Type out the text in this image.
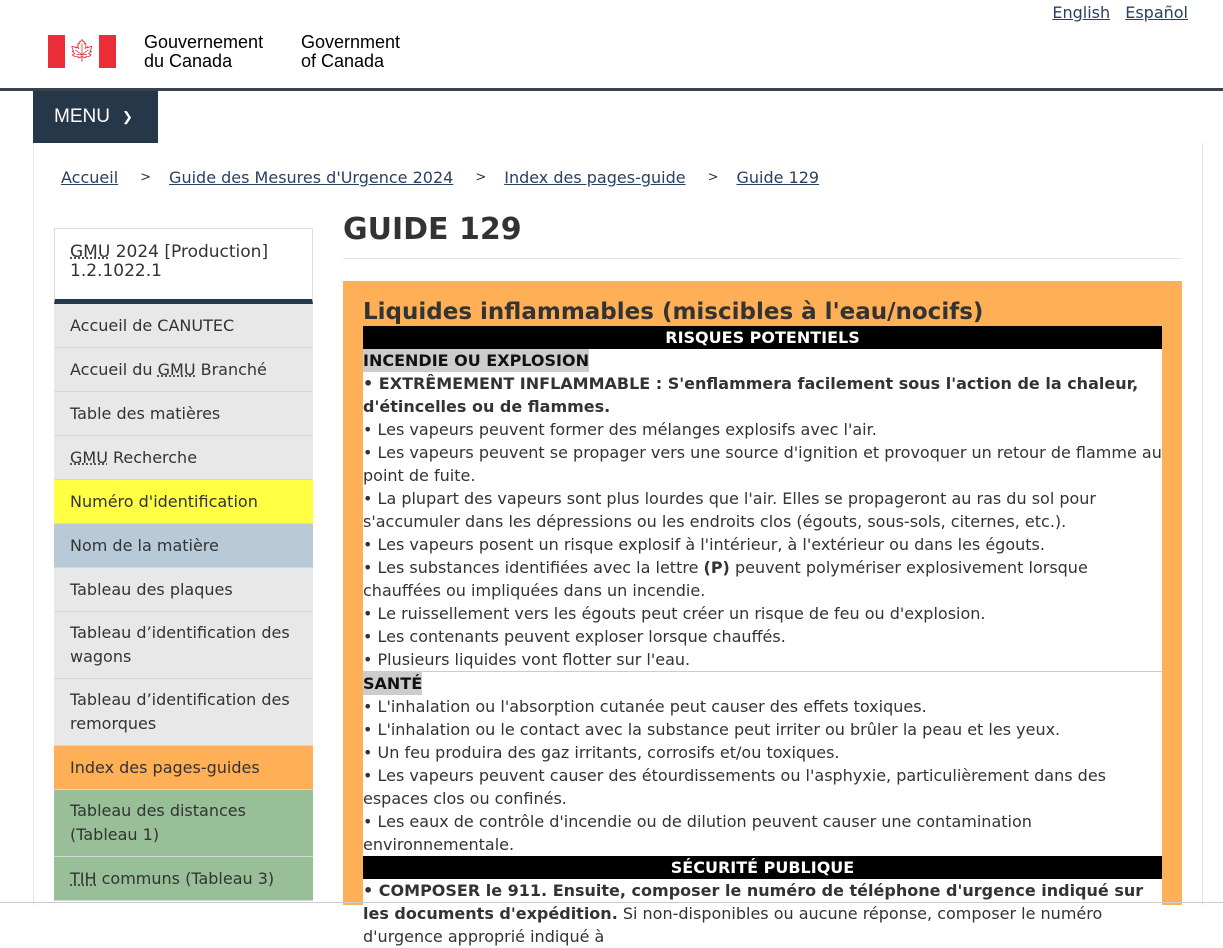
English Español
🍁︎	Gouvernement
du Canada
Government
of Canada
MENU ❯
Accueil > Guide des Mesures d'Urgence 2024 > Index des pages-guide > Guide 129
GMU 2024 [Production] 1.2.1022.1
Accueil de CANUTEC
Accueil du GMU Branché
Table des matières
GMU Recherche
Numéro d'identification
Nom de la matière
Tableau des plaques
Tableau d’identification des wagons
Tableau d’identification des remorques
Index des pages-guides
Tableau des distances (Tableau 1)
TIH communs (Tableau 3)
GUIDE 129
Liquides inflammables (miscibles à l'eau/nocifs)
RISQUES POTENTIELS
INCENDIE OU EXPLOSION
• EXTRÊMEMENT INFLAMMABLE : S'enflammera facilement sous l'action de la chaleur, d'étincelles ou de flammes.
• Les vapeurs peuvent former des mélanges explosifs avec l'air.
• Les vapeurs peuvent se propager vers une source d'ignition et provoquer un retour de flamme au point de fuite.
• La plupart des vapeurs sont plus lourdes que l'air. Elles se propageront au ras du sol pour s'accumuler dans les dépressions ou les endroits clos (égouts, sous-sols, citernes, etc.).
• Les vapeurs posent un risque explosif à l'intérieur, à l'extérieur ou dans les égouts.
• Les substances identifiées avec la lettre (P) peuvent polymériser explosivement lorsque chauffées ou impliquées dans un incendie.
• Le ruissellement vers les égouts peut créer un risque de feu ou d'explosion.
• Les contenants peuvent exploser lorsque chauffés.
• Plusieurs liquides vont flotter sur l'eau.
SANTÉ
• L'inhalation ou l'absorption cutanée peut causer des effets toxiques.
• L'inhalation ou le contact avec la substance peut irriter ou brûler la peau et les yeux.
• Un feu produira des gaz irritants, corrosifs et/ou toxiques.
• Les vapeurs peuvent causer des étourdissements ou l'asphyxie, particulièrement dans des espaces clos ou confinés.
• Les eaux de contrôle d'incendie ou de dilution peuvent causer une contamination environnementale.
SÉCURITÉ PUBLIQUE
• COMPOSER le 911. Ensuite, composer le numéro de téléphone d'urgence indiqué sur les documents d'expédition. Si non-disponibles ou aucune réponse, composer le numéro d'urgence approprié indiqué à
